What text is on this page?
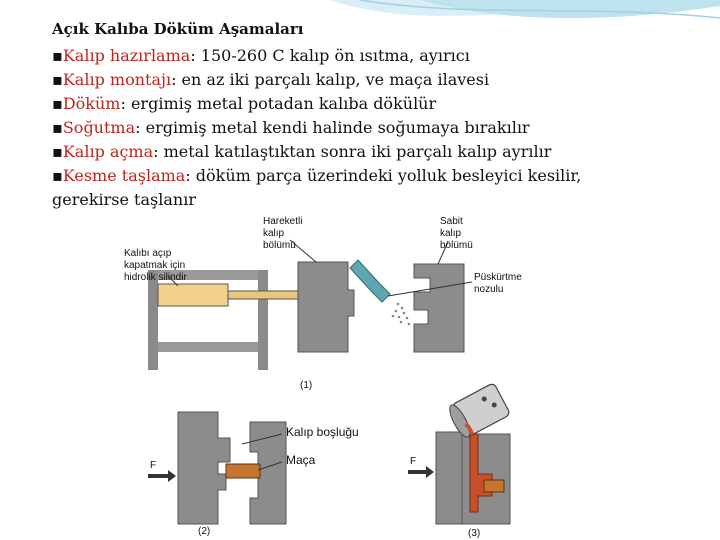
Açık Kalıba Döküm Aşamaları
▪Kalıp hazırlama: 150-260 C kalıp ön ısıtma, ayırıcı
▪Kalıp montajı: en az iki parçalı kalıp, ve maça ilavesi
▪Döküm: ergimiş metal potadan kalıba dökülür
▪Soğutma: ergimiş metal kendi halinde soğumaya bırakılır
▪Kalıp açma: metal katılaştıktan sonra iki parçalı kalıp ayrılır
▪Kesme taşlama: döküm parça üzerindeki yolluk besleyici kesilir,
gerekirse taşlanır
Hareketli
kalıp
bölümü
Sabit
kalıp
bölümü
Kalıbı açıp
kapatmak için
hidrolik silindir	Püskürtme
nozulu
(1)
F
Kalıp boşluğu
Maça
(2)
F
(3)
